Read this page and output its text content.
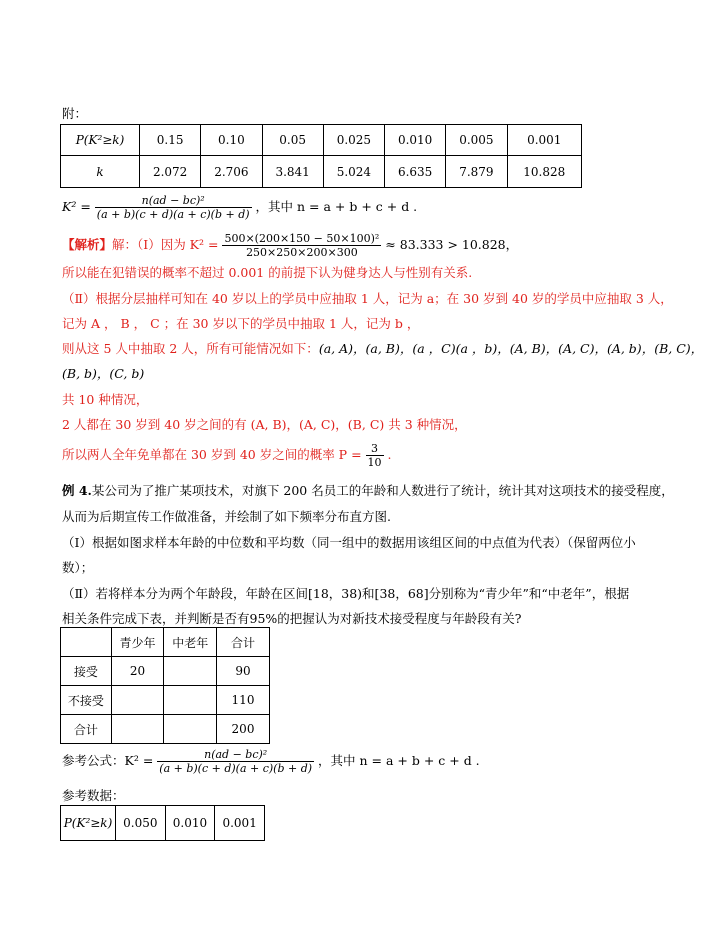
附：
P(K²≥k)	0.15	0.10	0.05	0.025	0.010	0.005	0.001
k	2.072	2.706	3.841	5.024	6.635	7.879	10.828
$K^2 = \frac{\text{n(ad − bc)²}}{(a + b)(c + d)(a + c)(b + d)}$ ，其中 n = a + b + c + d .
【解析】解：（Ⅰ）因为 $K^2 = \frac{\text{500×(200×150 − 50×100)²}}{250\times 250\times 200\times 300} \approx 83.333 > 10.828$，
所以能在犯错误的概率不超过 0.001 的前提下认为健身达人与性别有关系.
（Ⅱ）根据分层抽样可知在 40 岁以上的学员中应抽取 1 人，记为 a；在 30 岁到 40 岁的学员中应抽取 3 人，
记为 A ， B ， C ；在 30 岁以下的学员中抽取 1 人，记为 b ，
则从这 5 人中抽取 2 人，所有可能情况如下：(a, A)，(a, B)，(a ，C)(a ，b)，(A, B)，(A, C)，(A, b)，(B, C)，
(B, b)，(C, b)
共 10 种情况，
2 人都在 30 岁到 40 岁之间的有 (A, B)，(A, C)，(B, C) 共 3 种情况，
所以两人全年免单都在 30 岁到 40 岁之间的概率 $P = \frac{3}{10}$ .
例 4.某公司为了推广某项技术，对旗下 200 名员工的年龄和人数进行了统计，统计其对这项技术的接受程度，
从而为后期宣传工作做准备，并绘制了如下频率分布直方图.
（Ⅰ）根据如图求样本年龄的中位数和平均数（同一组中的数据用该组区间的中点值为代表）（保留两位小
数）；
（Ⅱ）若将样本分为两个年龄段，年龄在区间[18，38)和[38，68]分别称为“青少年”和“中老年”，根据
相关条件完成下表，并判断是否有95%的把握认为对新技术接受程度与年龄段有关?
	青少年	中老年	合计
接受	20		90
不接受			110
合计			200
参考公式：$K^2 = \frac{\text{n(ad − bc)²}}{(a + b)(c + d)(a + c)(b + d)}$ ，其中 n = a + b + c + d .
参考数据：
P(K²≥k)	0.050	0.010	0.001
